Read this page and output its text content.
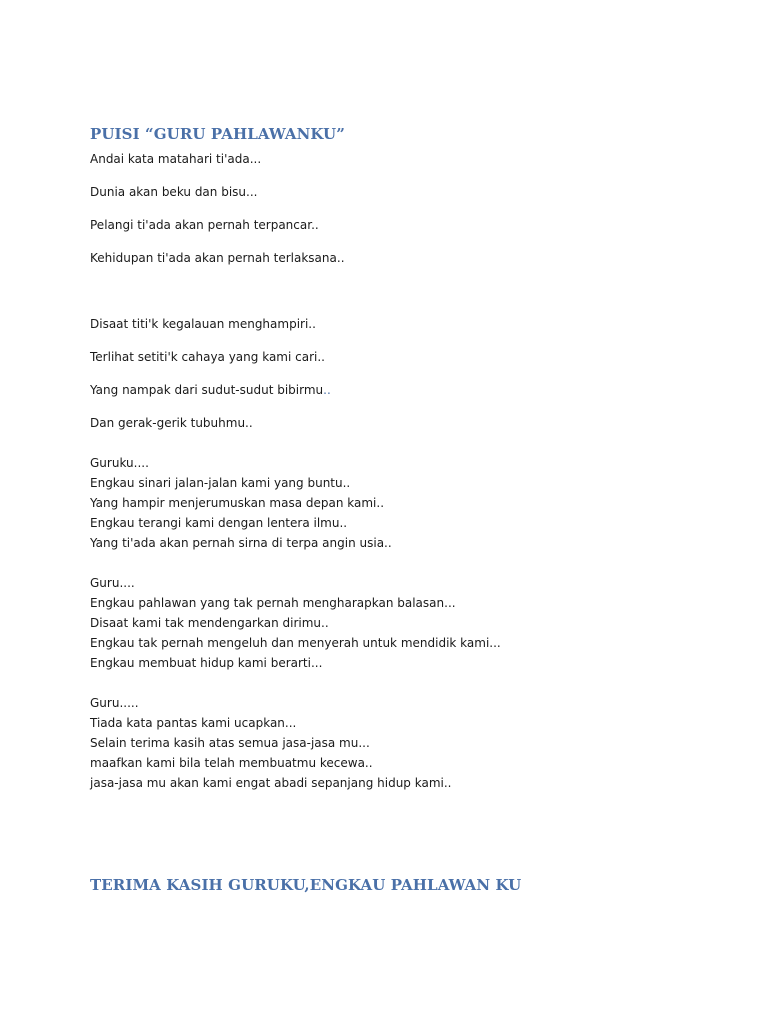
PUISI “GURU PAHLAWANKU”
Andai kata matahari ti'ada...
Dunia akan beku dan bisu...
Pelangi ti'ada akan pernah terpancar..
Kehidupan ti'ada akan pernah terlaksana..
Disaat titi'k kegalauan menghampiri..
Terlihat setiti'k cahaya yang kami cari..
Yang nampak dari sudut-sudut bibirmu..
Dan gerak-gerik tubuhmu..
Guruku....
Engkau sinari jalan-jalan kami yang buntu..
Yang hampir menjerumuskan masa depan kami..
Engkau terangi kami dengan lentera ilmu..
Yang ti'ada akan pernah sirna di terpa angin usia..
Guru....
Engkau pahlawan yang tak pernah mengharapkan balasan...
Disaat kami tak mendengarkan dirimu..
Engkau tak pernah mengeluh dan menyerah untuk mendidik kami...
Engkau membuat hidup kami berarti...
Guru.....
Tiada kata pantas kami ucapkan...
Selain terima kasih atas semua jasa-jasa mu...
maafkan kami bila telah membuatmu kecewa..
jasa-jasa mu akan kami engat abadi sepanjang hidup kami..
TERIMA KASIH GURUKU,ENGKAU PAHLAWAN KU
